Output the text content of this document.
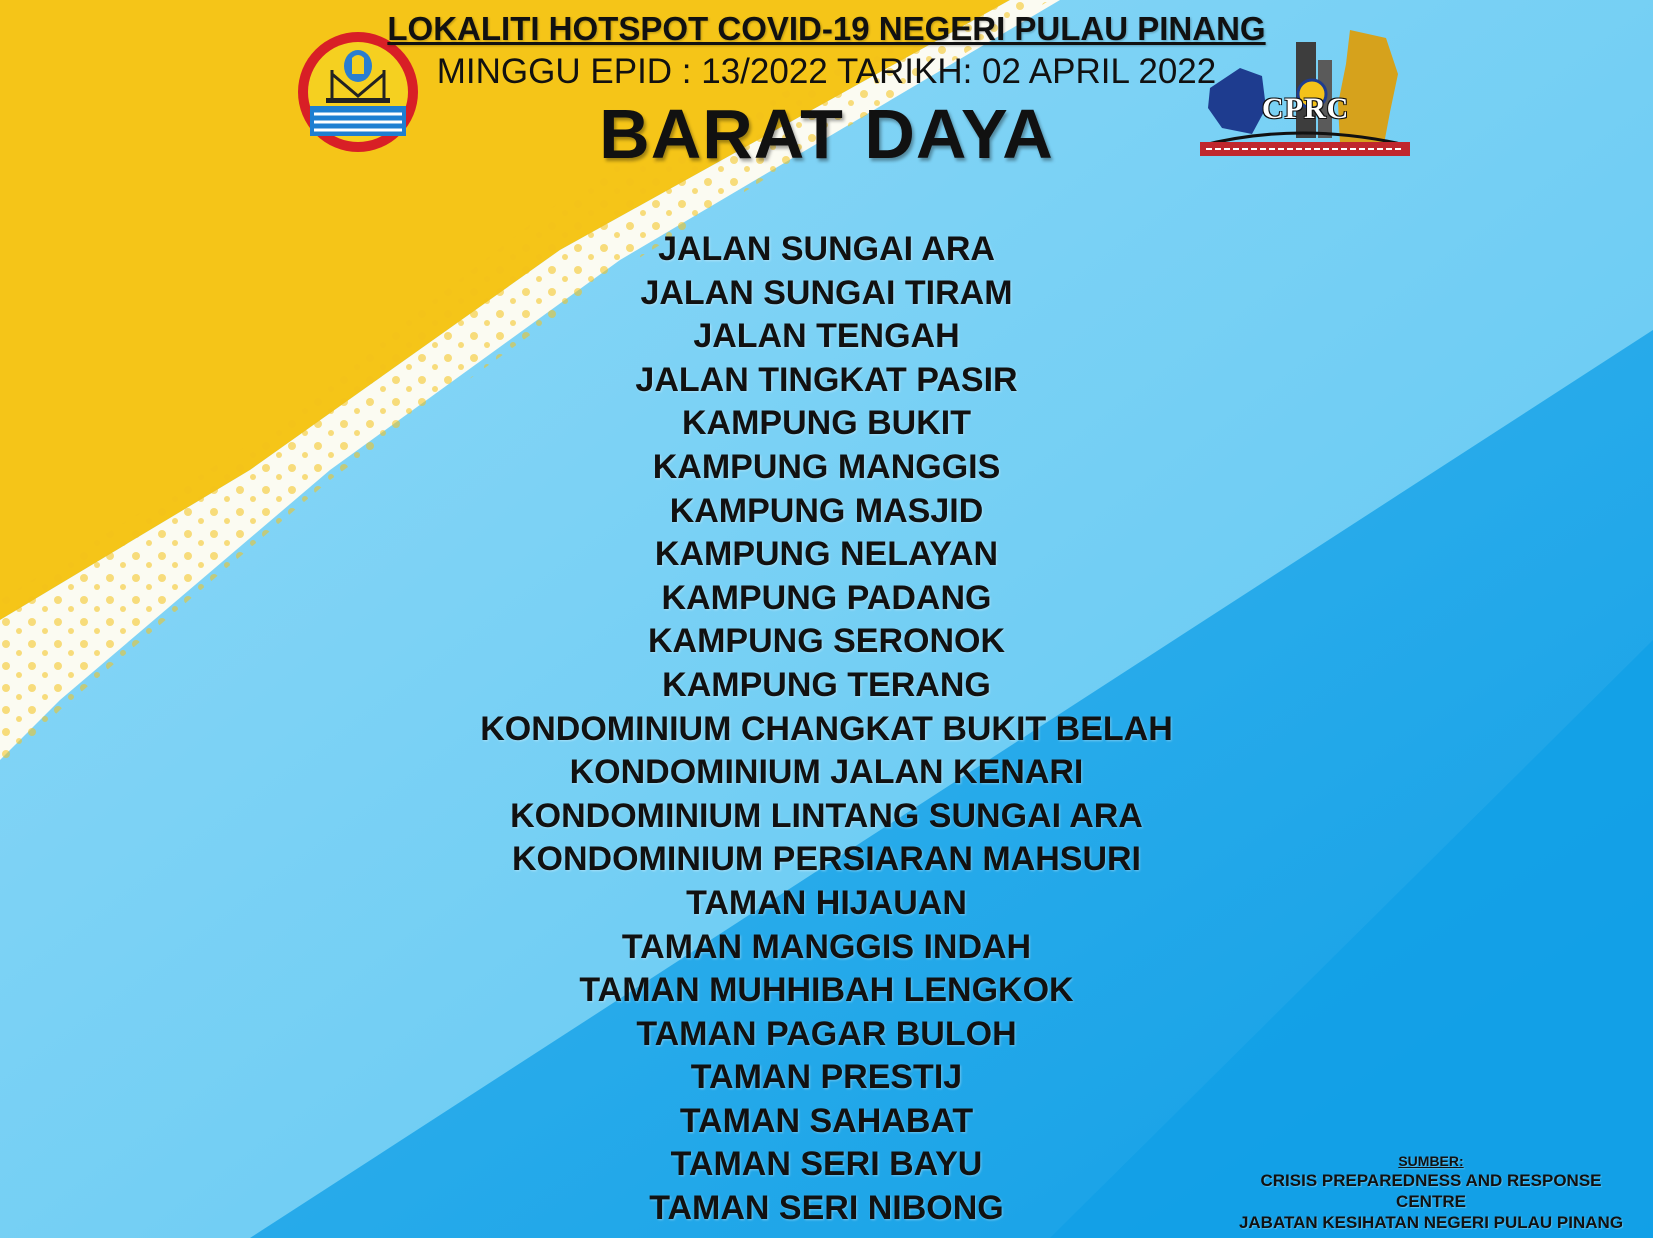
CPRC
LOKALITI HOTSPOT COVID-19 NEGERI PULAU PINANG
MINGGU EPID : 13/2022 TARIKH: 02 APRIL 2022
BARAT DAYA
JALAN SUNGAI ARA
JALAN SUNGAI TIRAM
JALAN TENGAH
JALAN TINGKAT PASIR
KAMPUNG BUKIT
KAMPUNG MANGGIS
KAMPUNG MASJID
KAMPUNG NELAYAN
KAMPUNG PADANG
KAMPUNG SERONOK
KAMPUNG TERANG
KONDOMINIUM CHANGKAT BUKIT BELAH
KONDOMINIUM JALAN KENARI
KONDOMINIUM LINTANG SUNGAI ARA
KONDOMINIUM PERSIARAN MAHSURI
TAMAN HIJAUAN
TAMAN MANGGIS INDAH
TAMAN MUHHIBAH LENGKOK
TAMAN PAGAR BULOH
TAMAN PRESTIJ
TAMAN SAHABAT
TAMAN SERI BAYU
TAMAN SERI NIBONG
SUMBER:
CRISIS PREPAREDNESS AND RESPONSE CENTRE
JABATAN KESIHATAN NEGERI PULAU PINANG
